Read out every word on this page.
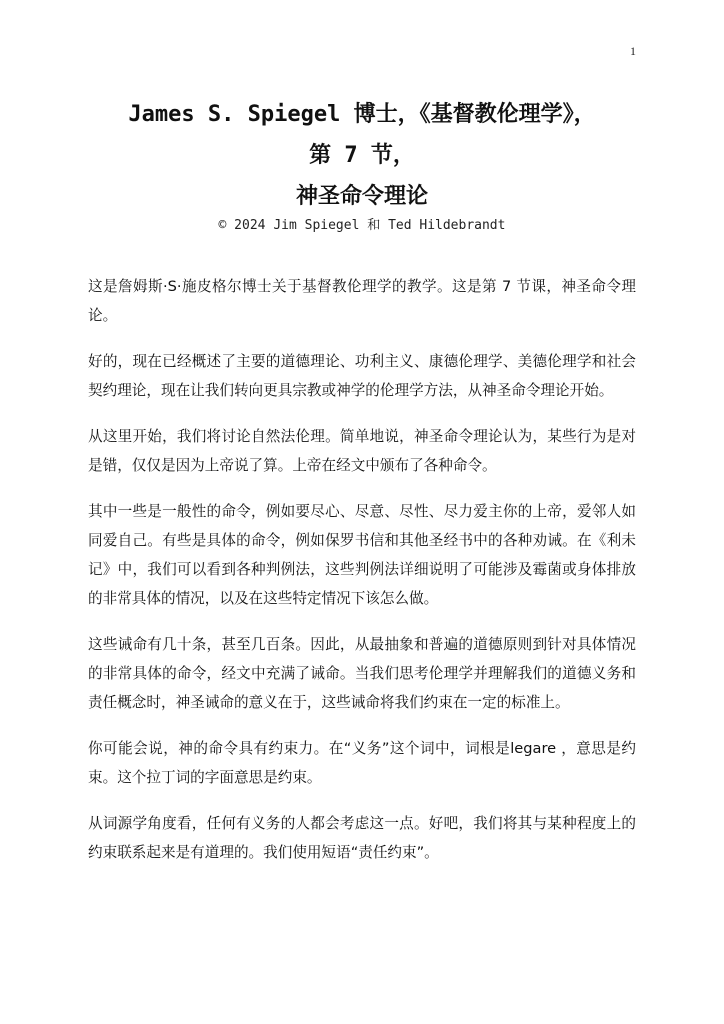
1
James S. Spiegel 博士，《基督教伦理学》，
第 7 节，
神圣命令理论
© 2024 Jim Spiegel 和 Ted Hildebrandt

这是詹姆斯·S·施皮格尔博士关于基督教伦理学的教学。这是第 7 节课，神圣命令理论。

好的，现在已经概述了主要的道德理论、功利主义、康德伦理学、美德伦理学和社会契约理论，现在让我们转向更具宗教或神学的伦理学方法，从神圣命令理论开始。

从这里开始，我们将讨论自然法伦理。简单地说，神圣命令理论认为，某些行为是对是错，仅仅是因为上帝说了算。上帝在经文中颁布了各种命令。

其中一些是一般性的命令，例如要尽心、尽意、尽性、尽力爱主你的上帝，爱邻人如同爱自己。有些是具体的命令，例如保罗书信和其他圣经书中的各种劝诫。在《利未记》中，我们可以看到各种判例法，这些判例法详细说明了可能涉及霉菌或身体排放的非常具体的情况，以及在这些特定情况下该怎么做。

这些诫命有几十条，甚至几百条。因此，从最抽象和普遍的道德原则到针对具体情况的非常具体的命令，经文中充满了诫命。当我们思考伦理学并理解我们的道德义务和责任概念时，神圣诫命的意义在于，这些诫命将我们约束在一定的标准上。

你可能会说，神的命令具有约束力。在“义务”这个词中，词根是legare ，意思是约束。这个拉丁词的字面意思是约束。

从词源学角度看，任何有义务的人都会考虑这一点。好吧，我们将其与某种程度上的约束联系起来是有道理的。我们使用短语“责任约束”。
